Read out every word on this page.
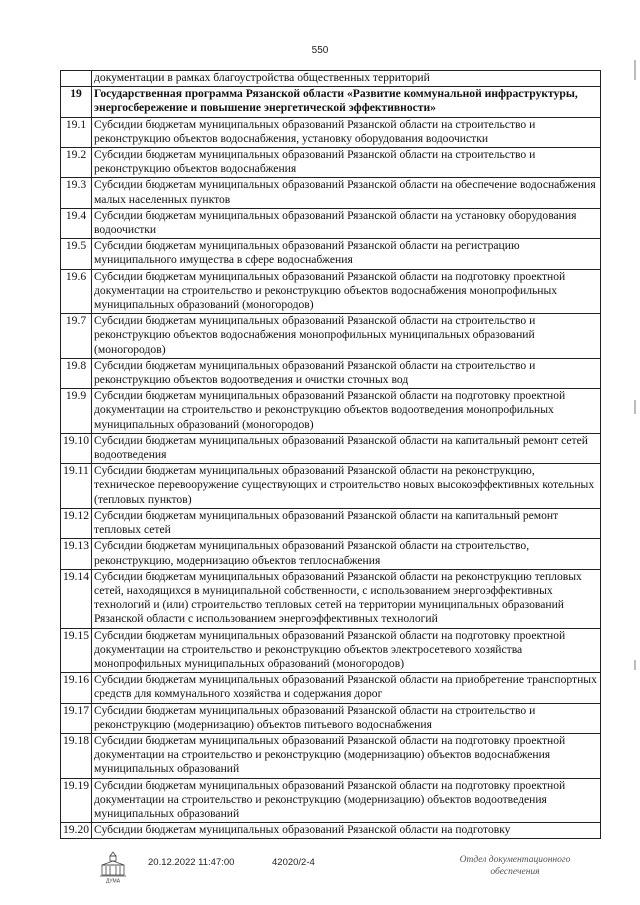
550
	документации в рамках благоустройства общественных территорий
19	Государственная программа Рязанской области «Развитие коммунальной инфраструктуры, энергосбережение и повышение энергетической эффективности»
19.1	Субсидии бюджетам муниципальных образований Рязанской области на строительство и реконструкцию объектов водоснабжения, установку оборудования водоочистки
19.2	Субсидии бюджетам муниципальных образований Рязанской области на строительство и реконструкцию объектов водоснабжения
19.3	Субсидии бюджетам муниципальных образований Рязанской области на обеспечение водоснабжения малых населенных пунктов
19.4	Субсидии бюджетам муниципальных образований Рязанской области на установку оборудования водоочистки
19.5	Субсидии бюджетам муниципальных образований Рязанской области на регистрацию муниципального имущества в сфере водоснабжения
19.6	Субсидии бюджетам муниципальных образований Рязанской области на подготовку проектной документации на строительство и реконструкцию объектов водоснабжения монопрофильных муниципальных образований (моногородов)
19.7	Субсидии бюджетам муниципальных образований Рязанской области на строительство и реконструкцию объектов водоснабжения монопрофильных муниципальных образований (моногородов)
19.8	Субсидии бюджетам муниципальных образований Рязанской области на строительство и реконструкцию объектов водоотведения и очистки сточных вод
19.9	Субсидии бюджетам муниципальных образований Рязанской области на подготовку проектной документации на строительство и реконструкцию объектов водоотведения монопрофильных муниципальных образований (моногородов)
19.10	Субсидии бюджетам муниципальных образований Рязанской области на капитальный ремонт сетей водоотведения
19.11	Субсидии бюджетам муниципальных образований Рязанской области на реконструкцию, техническое перевооружение существующих и строительство новых высокоэффективных котельных (тепловых пунктов)
19.12	Субсидии бюджетам муниципальных образований Рязанской области на капитальный ремонт тепловых сетей
19.13	Субсидии бюджетам муниципальных образований Рязанской области на строительство, реконструкцию, модернизацию объектов теплоснабжения
19.14	Субсидии бюджетам муниципальных образований Рязанской области на реконструкцию тепловых сетей, находящихся в муниципальной собственности, с использованием энергоэффективных технологий и (или) строительство тепловых сетей на территории муниципальных образований Рязанской области с использованием энергоэффективных технологий
19.15	Субсидии бюджетам муниципальных образований Рязанской области на подготовку проектной документации на строительство и реконструкцию объектов электросетевого хозяйства монопрофильных муниципальных образований (моногородов)
19.16	Субсидии бюджетам муниципальных образований Рязанской области на приобретение транспортных средств для коммунального хозяйства и содержания дорог
19.17	Субсидии бюджетам муниципальных образований Рязанской области на строительство и реконструкцию (модернизацию) объектов питьевого водоснабжения
19.18	Субсидии бюджетам муниципальных образований Рязанской области на подготовку проектной документации на строительство и реконструкцию (модернизацию) объектов водоснабжения муниципальных образований
19.19	Субсидии бюджетам муниципальных образований Рязанской области на подготовку проектной документации на строительство и реконструкцию (модернизацию) объектов водоотведения муниципальных образований
19.20	Субсидии бюджетам муниципальных образований Рязанской области на подготовку
ДУМА
20.12.2022 11:47:00	42020/2-4	Отдел документационного
обеспечения
